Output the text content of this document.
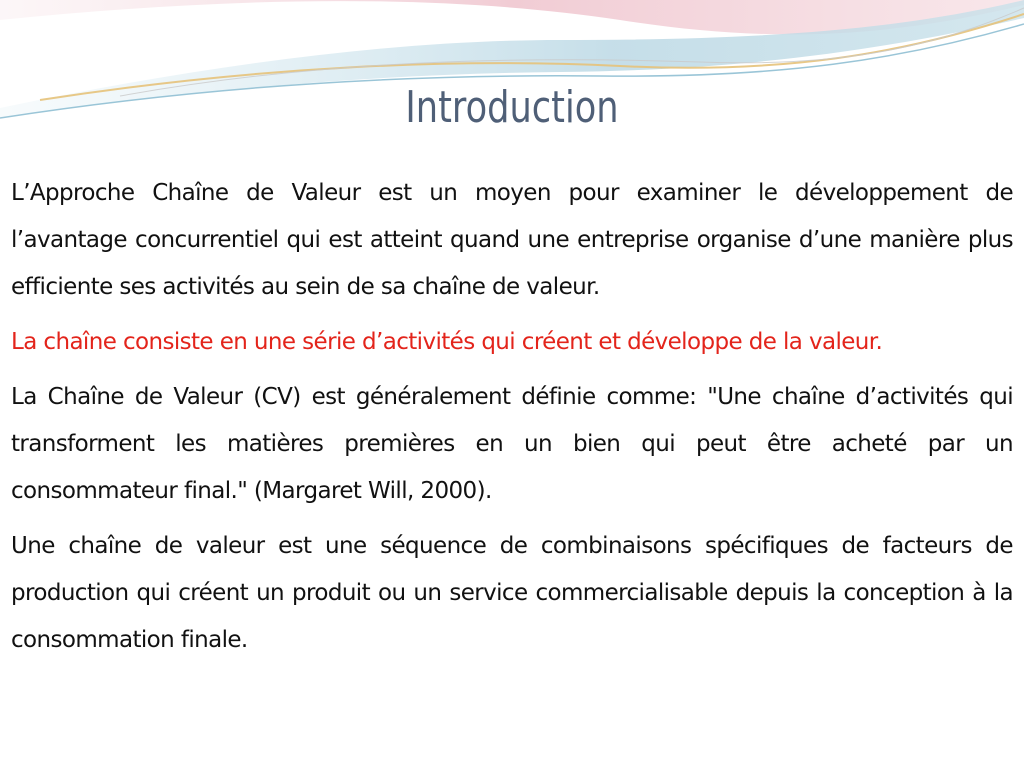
Introduction

L’Approche Chaîne de Valeur est un moyen pour examiner le développement de l’avantage concurrentiel qui est atteint quand une entreprise organise d’une manière plus efficiente ses activités au sein de sa chaîne de valeur.

La chaîne consiste en une série d’activités qui créent et développe de la valeur.

La Chaîne de Valeur (CV) est généralement définie comme: "Une chaîne d’activités qui transforment les matières premières en un bien qui peut être acheté par un consommateur final." (Margaret Will, 2000).

Une chaîne de valeur est une séquence de combinaisons spécifiques de facteurs de production qui créent un produit ou un service commercialisable depuis la conception à la consommation finale.
